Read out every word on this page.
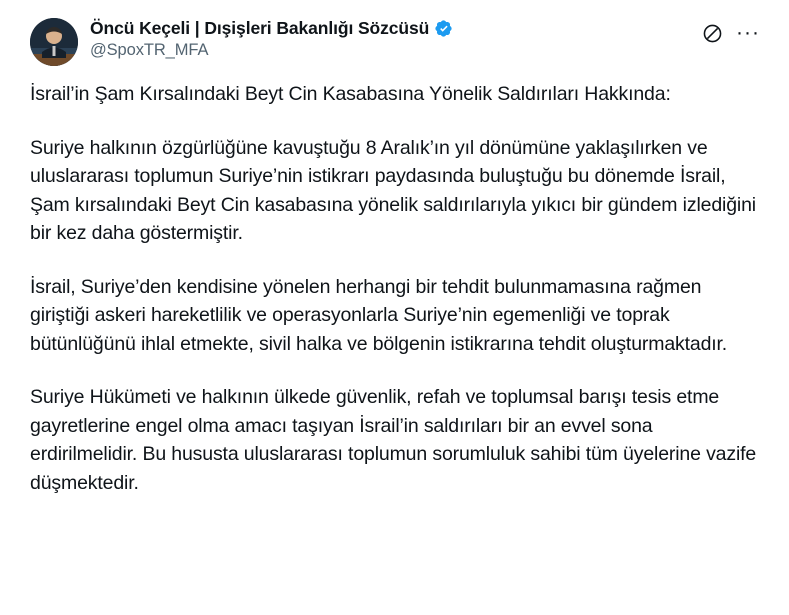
Öncü Keçeli | Dışişleri Bakanlığı Sözcüsü
@SpoxTR_MFA
···

İsrail’in Şam Kırsalındaki Beyt Cin Kasabasına Yönelik Saldırıları Hakkında:

Suriye halkının özgürlüğüne kavuştuğu 8 Aralık’ın yıl dönümüne yaklaşılırken ve uluslararası toplumun Suriye’nin istikrarı paydasında buluştuğu bu dönemde İsrail, Şam kırsalındaki Beyt Cin kasabasına yönelik saldırılarıyla yıkıcı bir gündem izlediğini bir kez daha göstermiştir.

İsrail, Suriye’den kendisine yönelen herhangi bir tehdit bulunmamasına rağmen giriştiği askeri hareketlilik ve operasyonlarla Suriye’nin egemenliği ve toprak bütünlüğünü ihlal etmekte, sivil halka ve bölgenin istikrarına tehdit oluşturmaktadır.

Suriye Hükümeti ve halkının ülkede güvenlik, refah ve toplumsal barışı tesis etme gayretlerine engel olma amacı taşıyan İsrail’in saldırıları bir an evvel sona erdirilmelidir. Bu hususta uluslararası toplumun sorumluluk sahibi tüm üyelerine vazife düşmektedir.
